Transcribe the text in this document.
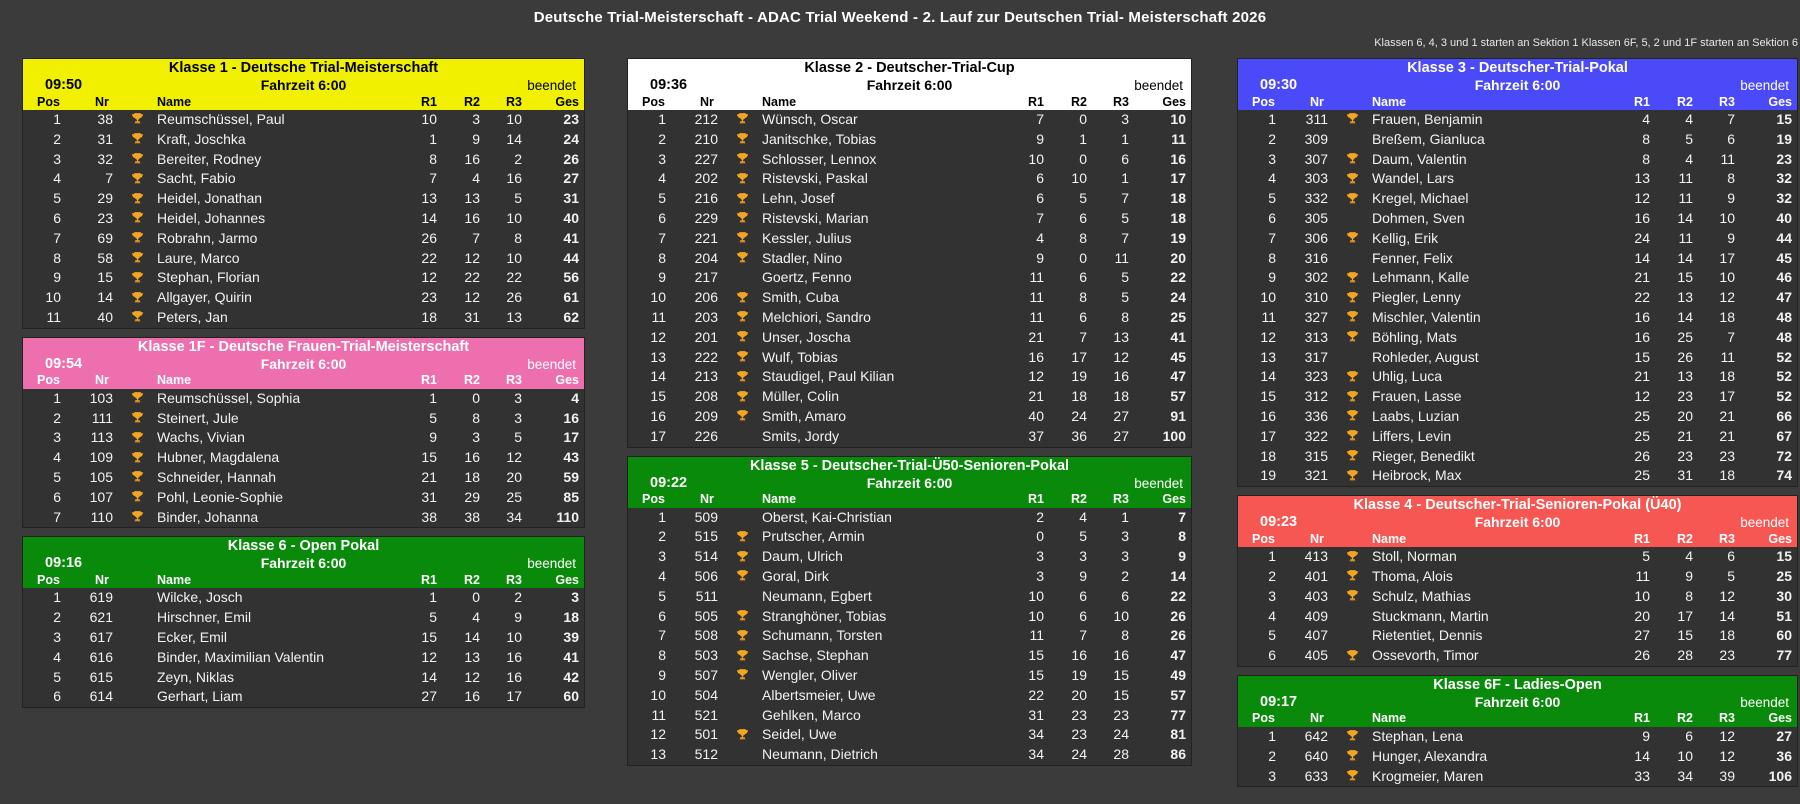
Deutsche Trial-Meisterschaft - ADAC Trial Weekend - 2. Lauf zur Deutschen Trial- Meisterschaft 2026
Klassen 6, 4, 3 und 1 starten an Sektion 1 Klassen 6F, 5, 2 und 1F starten an Sektion 6
Klasse 1 - Deutsche Trial-Meisterschaft
09:50	Fahrzeit 6:00	beendet
Pos	Nr	Name	R1	R2	R3	Ges
1	38	Reumschüssel, Paul	10	3	10	23
2	31	Kraft, Joschka	1	9	14	24
3	32	Bereiter, Rodney	8	16	2	26
4	7	Sacht, Fabio	7	4	16	27
5	29	Heidel, Jonathan	13	13	5	31
6	23	Heidel, Johannes	14	16	10	40
7	69	Robrahn, Jarmo	26	7	8	41
8	58	Laure, Marco	22	12	10	44
9	15	Stephan, Florian	12	22	22	56
10	14	Allgayer, Quirin	23	12	26	61
11	40	Peters, Jan	18	31	13	62
Klasse 1F - Deutsche Frauen-Trial-Meisterschaft
09:54	Fahrzeit 6:00	beendet
Pos	Nr	Name	R1	R2	R3	Ges
1	103	Reumschüssel, Sophia	1	0	3	4
2	111	Steinert, Jule	5	8	3	16
3	113	Wachs, Vivian	9	3	5	17
4	109	Hubner, Magdalena	15	16	12	43
5	105	Schneider, Hannah	21	18	20	59
6	107	Pohl, Leonie-Sophie	31	29	25	85
7	110	Binder, Johanna	38	38	34	110
Klasse 6 - Open Pokal
09:16	Fahrzeit 6:00	beendet
Pos	Nr	Name	R1	R2	R3	Ges
1	619	Wilcke, Josch	1	0	2	3
2	621	Hirschner, Emil	5	4	9	18
3	617	Ecker, Emil	15	14	10	39
4	616	Binder, Maximilian Valentin	12	13	16	41
5	615	Zeyn, Niklas	14	12	16	42
6	614	Gerhart, Liam	27	16	17	60
Klasse 2 - Deutscher-Trial-Cup
09:36	Fahrzeit 6:00	beendet
Pos	Nr	Name	R1	R2	R3	Ges
1	212	Wünsch, Oscar	7	0	3	10
2	210	Janitschke, Tobias	9	1	1	11
3	227	Schlosser, Lennox	10	0	6	16
4	202	Ristevski, Paskal	6	10	1	17
5	216	Lehn, Josef	6	5	7	18
6	229	Ristevski, Marian	7	6	5	18
7	221	Kessler, Julius	4	8	7	19
8	204	Stadler, Nino	9	0	11	20
9	217	Goertz, Fenno	11	6	5	22
10	206	Smith, Cuba	11	8	5	24
11	203	Melchiori, Sandro	11	6	8	25
12	201	Unser, Joscha	21	7	13	41
13	222	Wulf, Tobias	16	17	12	45
14	213	Staudigel, Paul Kilian	12	19	16	47
15	208	Müller, Colin	21	18	18	57
16	209	Smith, Amaro	40	24	27	91
17	226	Smits, Jordy	37	36	27	100
Klasse 5 - Deutscher-Trial-Ü50-Senioren-Pokal
09:22	Fahrzeit 6:00	beendet
Pos	Nr	Name	R1	R2	R3	Ges
1	509	Oberst, Kai-Christian	2	4	1	7
2	515	Prutscher, Armin	0	5	3	8
3	514	Daum, Ulrich	3	3	3	9
4	506	Goral, Dirk	3	9	2	14
5	511	Neumann, Egbert	10	6	6	22
6	505	Stranghöner, Tobias	10	6	10	26
7	508	Schumann, Torsten	11	7	8	26
8	503	Sachse, Stephan	15	16	16	47
9	507	Wengler, Oliver	15	19	15	49
10	504	Albertsmeier, Uwe	22	20	15	57
11	521	Gehlken, Marco	31	23	23	77
12	501	Seidel, Uwe	34	23	24	81
13	512	Neumann, Dietrich	34	24	28	86
Klasse 3 - Deutscher-Trial-Pokal
09:30	Fahrzeit 6:00	beendet
Pos	Nr	Name	R1	R2	R3	Ges
1	311	Frauen, Benjamin	4	4	7	15
2	309	Breßem, Gianluca	8	5	6	19
3	307	Daum, Valentin	8	4	11	23
4	303	Wandel, Lars	13	11	8	32
5	332	Kregel, Michael	12	11	9	32
6	305	Dohmen, Sven	16	14	10	40
7	306	Kellig, Erik	24	11	9	44
8	316	Fenner, Felix	14	14	17	45
9	302	Lehmann, Kalle	21	15	10	46
10	310	Piegler, Lenny	22	13	12	47
11	327	Mischler, Valentin	16	14	18	48
12	313	Böhling, Mats	16	25	7	48
13	317	Rohleder, August	15	26	11	52
14	323	Uhlig, Luca	21	13	18	52
15	312	Frauen, Lasse	12	23	17	52
16	336	Laabs, Luzian	25	20	21	66
17	322	Liffers, Levin	25	21	21	67
18	315	Rieger, Benedikt	26	23	23	72
19	321	Heibrock, Max	25	31	18	74
Klasse 4 - Deutscher-Trial-Senioren-Pokal (Ü40)
09:23	Fahrzeit 6:00	beendet
Pos	Nr	Name	R1	R2	R3	Ges
1	413	Stoll, Norman	5	4	6	15
2	401	Thoma, Alois	11	9	5	25
3	403	Schulz, Mathias	10	8	12	30
4	409	Stuckmann, Martin	20	17	14	51
5	407	Rietentiet, Dennis	27	15	18	60
6	405	Ossevorth, Timor	26	28	23	77
Klasse 6F - Ladies-Open
09:17	Fahrzeit 6:00	beendet
Pos	Nr	Name	R1	R2	R3	Ges
1	642	Stephan, Lena	9	6	12	27
2	640	Hunger, Alexandra	14	10	12	36
3	633	Krogmeier, Maren	33	34	39	106
